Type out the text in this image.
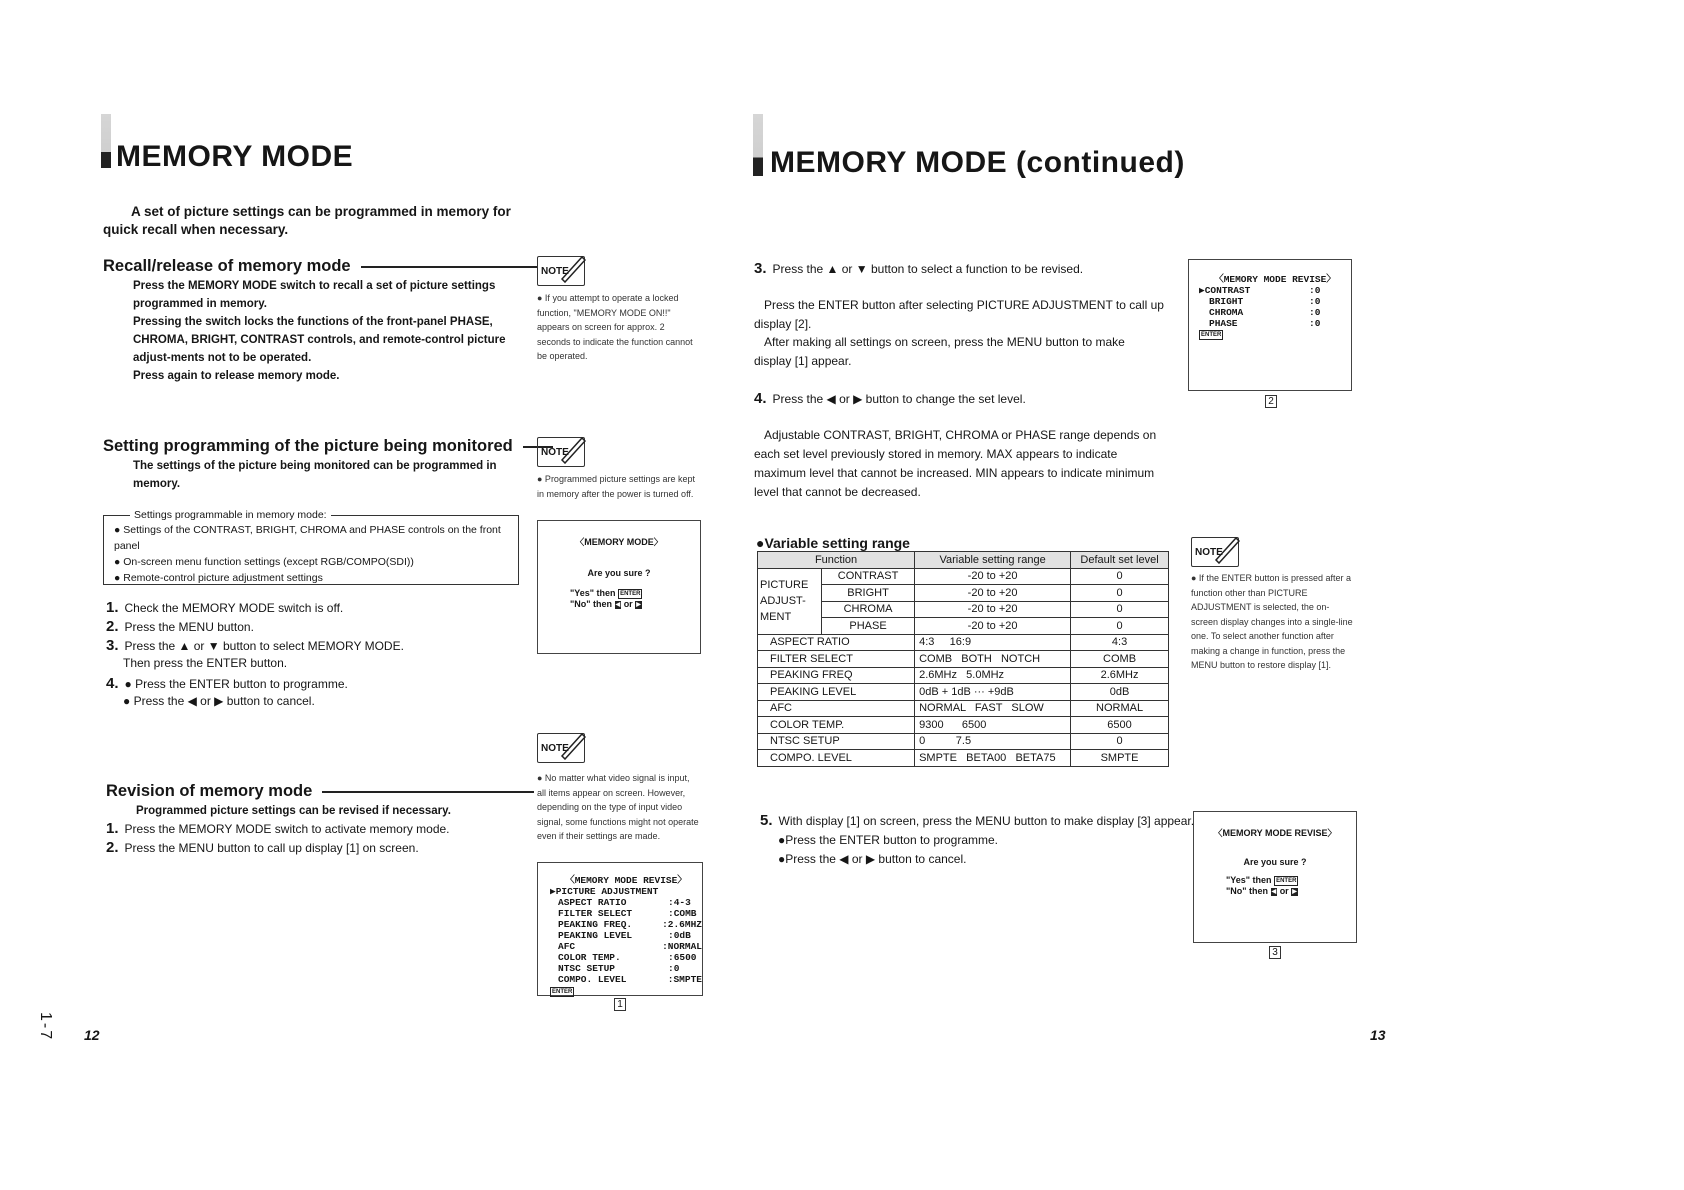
MEMORY MODE
A set of picture settings can be programmed in memory for quick recall when necessary.
Recall/release of memory mode
Press the MEMORY MODE switch to recall a set of picture settings programmed in memory.
Pressing the switch locks the functions of the front-panel PHASE, CHROMA, BRIGHT, CONTRAST controls, and remote-control picture adjust-ments not to be operated.
Press again to release memory mode.
Setting programming of the picture being monitored
The settings of the picture being monitored can be programmed in memory.
Settings programmable in memory mode:
● Settings of the CONTRAST, BRIGHT, CHROMA and PHASE controls on the front panel
● On-screen menu function settings (except RGB/COMPO(SDI))
● Remote-control picture adjustment settings
1. Check the MEMORY MODE switch is off.
2. Press the MENU button.
3. Press the ▲ or ▼ button to select MEMORY MODE.
Then press the ENTER button.
4. ● Press the ENTER button to programme.
● Press the ◀ or ▶ button to cancel.
Revision of memory mode
Programmed picture settings can be revised if necessary.
1. Press the MEMORY MODE switch to activate memory mode.
2. Press the MENU button to call up display [1] on screen.
NOTE
● If you attempt to operate a locked function, "MEMORY MODE ON!!" appears on screen for approx. 2 seconds to indicate the function cannot be operated.
NOTE
● Programmed picture settings are kept in memory after the power is turned off.
〈MEMORY MODE〉
Are you sure ?
"Yes" then ENTER
"No" then ◀ or ▶
NOTE
● No matter what video signal is input, all items appear on screen. However, depending on the type of input video signal, some functions might not operate even if their settings are made.
〈MEMORY MODE REVISE〉
▶PICTURE ADJUSTMENT
ASPECT RATIO	:4-3
FILTER SELECT	:COMB
PEAKING FREQ.	:2.6MHZ
PEAKING LEVEL	:0dB
AFC	:NORMAL
COLOR TEMP.	:6500
NTSC SETUP	:0
COMPO. LEVEL	:SMPTE
ENTER
1
1-7 12
MEMORY MODE (continued)
3. Press the ▲ or ▼ button to select a function to be revised.
Press the ENTER button after selecting PICTURE ADJUSTMENT to call up display [2].
After making all settings on screen, press the MENU button to make display [1] appear.
4. Press the ◀ or ▶ button to change the set level.
Adjustable CONTRAST, BRIGHT, CHROMA or PHASE range depends on each set level previously stored in memory. MAX appears to indicate maximum level that cannot be increased. MIN appears to indicate minimum level that cannot be decreased.
●Variable setting range
Function		Variable setting range	Default set level
PICTURE ADJUST-MENT	CONTRAST	-20 to +20	0
	BRIGHT	-20 to +20	0
	CHROMA	-20 to +20	0
	PHASE	-20 to +20	0
ASPECT RATIO		4:3     16:9	4:3
FILTER SELECT		COMB   BOTH   NOTCH	COMB
PEAKING FREQ		2.6MHz   5.0MHz	2.6MHz
PEAKING LEVEL		0dB + 1dB ··· +9dB	0dB
AFC		NORMAL   FAST   SLOW	NORMAL
COLOR TEMP.		9300      6500	6500
NTSC SETUP		0          7.5	0
COMPO. LEVEL		SMPTE   BETA00   BETA75	SMPTE
5. With display [1] on screen, press the MENU button to make display [3] appear.
●Press the ENTER button to programme.
●Press the ◀ or ▶ button to cancel.
〈MEMORY MODE REVISE〉
▶CONTRAST	:0
BRIGHT	:0
CHROMA	:0
PHASE	:0
ENTER
2
NOTE
● If the ENTER button is pressed after a function other than PICTURE ADJUSTMENT is selected, the on-screen display changes into a single-line one. To select another function after making a change in function, press the MENU button to restore display [1].
〈MEMORY MODE REVISE〉
Are you sure ?
"Yes" then ENTER
"No" then ◀ or ▶
3
13
